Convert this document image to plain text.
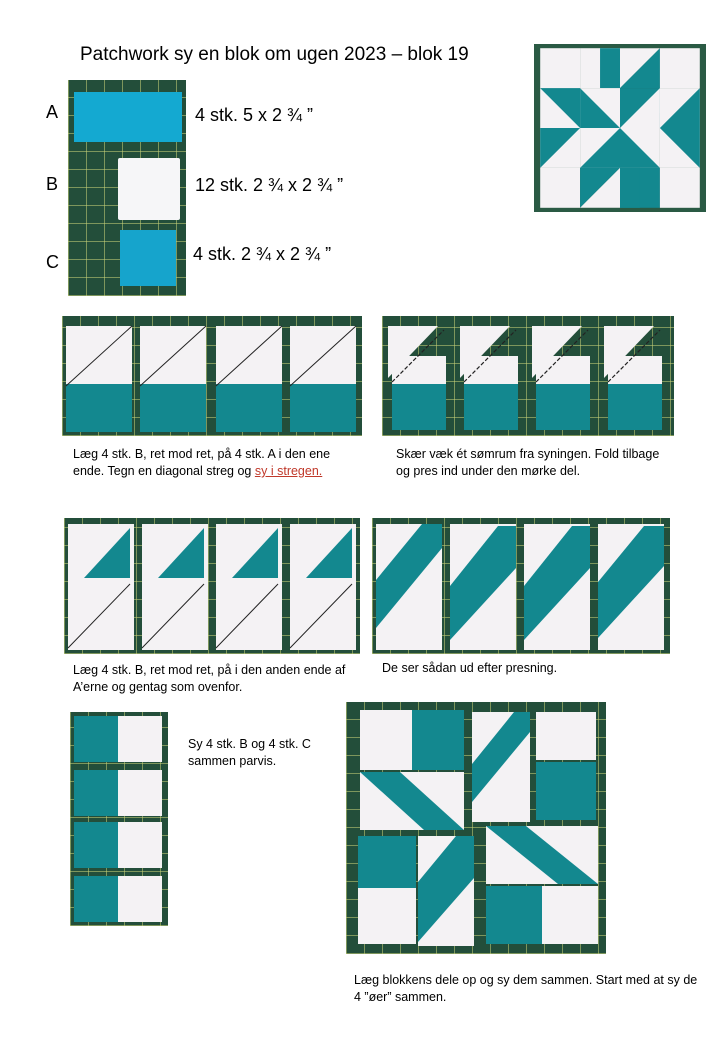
Patchwork sy en blok om ugen 2023 – blok 19
A
B
C
4 stk. 5 x 2 ¾ ”
12 stk. 2 ¾ x 2 ¾ ”
4 stk. 2 ¾ x 2 ¾ ”
Læg 4 stk. B, ret mod ret, på 4 stk. A i den ene ende. Tegn en diagonal streg og sy i stregen.
Skær væk ét sømrum fra syningen. Fold tilbage og pres ind under den mørke del.
Læg 4 stk. B, ret mod ret, på i den anden ende af A’erne og gentag som ovenfor.
De ser sådan ud efter presning.
Sy 4 stk. B og 4 stk. C sammen parvis.
Læg blokkens dele op og sy dem sammen. Start med at sy de 4 ”øer” sammen.
